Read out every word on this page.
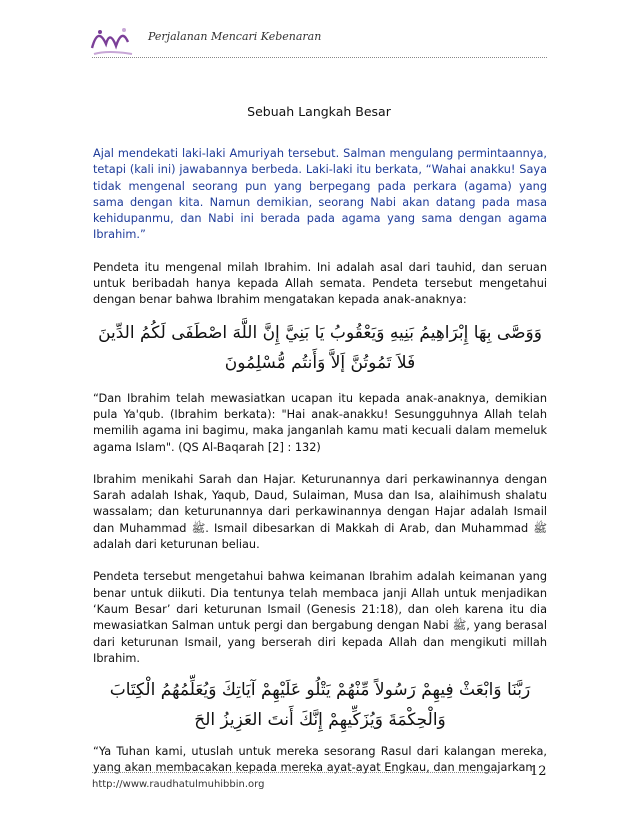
Perjalanan Mencari Kebenaran
Sebuah Langkah Besar

Ajal mendekati laki-laki Amuriyah tersebut. Salman mengulang permintaannya, tetapi (kali ini) jawabannya berbeda. Laki-laki itu berkata, “Wahai anakku! Saya tidak mengenal seorang pun yang berpegang pada perkara (agama) yang sama dengan kita. Namun demikian, seorang Nabi akan datang pada masa kehidupanmu, dan Nabi ini berada pada agama yang sama dengan agama Ibrahim.”

Pendeta itu mengenal milah Ibrahim. Ini adalah asal dari tauhid, dan seruan untuk beribadah hanya kepada Allah semata. Pendeta tersebut mengetahui dengan benar bahwa Ibrahim mengatakan kepada anak-anaknya:

وَوَصَّى بِهَا إِبْرَاهِيمُ بَنِيهِ وَيَعْقُوبُ يَا بَنِيَّ إِنَّ اللَّهَ اصْطَفَى لَكُمُ الدِّينَ فَلاَ تَمُوتُنَّ إَلاَّ وَأَنتُم مُّسْلِمُونَ

“Dan Ibrahim telah mewasiatkan ucapan itu kepada anak-anaknya, demikian pula Ya'qub. (Ibrahim berkata): "Hai anak-anakku! Sesungguhnya Allah telah memilih agama ini bagimu, maka janganlah kamu mati kecuali dalam memeluk agama Islam". (QS Al-Baqarah [2] : 132)

Ibrahim menikahi Sarah dan Hajar. Keturunannya dari perkawinannya dengan Sarah adalah Ishak, Yaqub, Daud, Sulaiman, Musa dan Isa, alaihimush shalatu wassalam; dan keturunannya dari perkawinannya dengan Hajar adalah Ismail dan Muhammad ﷺ. Ismail dibesarkan di Makkah di Arab, dan Muhammad ﷺ adalah dari keturunan beliau.

Pendeta tersebut mengetahui bahwa keimanan Ibrahim adalah keimanan yang benar untuk diikuti. Dia tentunya telah membaca janji Allah untuk menjadikan ‘Kaum Besar’ dari keturunan Ismail (Genesis 21:18), dan oleh karena itu dia mewasiatkan Salman untuk pergi dan bergabung dengan Nabi ﷺ, yang berasal dari keturunan Ismail, yang berserah diri kepada Allah dan mengikuti millah Ibrahim.

رَبَّنَا وَابْعَثْ فِيهِمْ رَسُولاً مِّنْهُمْ يَتْلُو عَلَيْهِمْ آيَاتِكَ وَيُعَلِّمُهُمُ الْكِتَابَ وَالْحِكْمَةَ وَيُزَكِّيهِمْ إِنَّكَ أَنتَ العَزِيزُ الحَ

“Ya Tuhan kami, utuslah untuk mereka sesorang Rasul dari kalangan mereka, yang akan membacakan kepada mereka ayat-ayat Engkau, dan mengajarkan

12
http://www.raudhatulmuhibbin.org
